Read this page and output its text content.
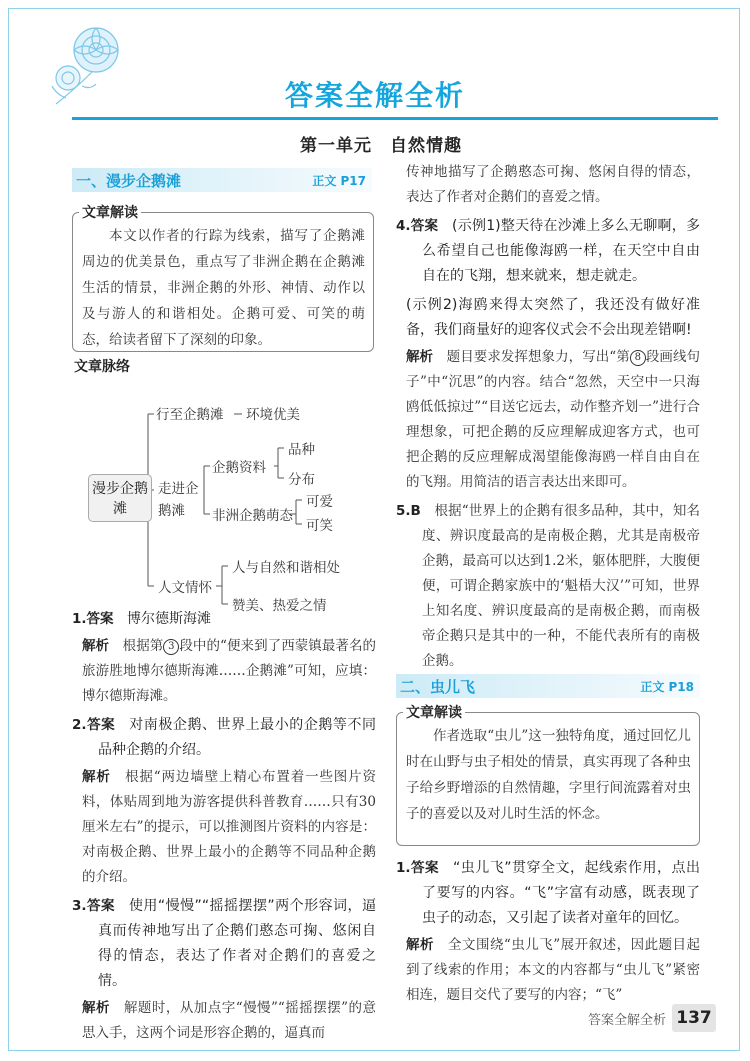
答案全解全析
第一单元　自然情趣
一、漫步企鹅滩	正文 P17
文章解读
本文以作者的行踪为线索，描写了企鹅滩周边的优美景色，重点写了非洲企鹅在企鹅滩生活的情景，非洲企鹅的外形、神情、动作以及与游人的和谐相处。企鹅可爱、可笑的萌态，给读者留下了深刻的印象。
文章脉络
漫步企鹅滩
行至企鹅滩 环境优美
走进企鹅滩
企鹅资料
品种
分布
非洲企鹅萌态
可爱
可笑
人文情怀
人与自然和谐相处
赞美、热爱之情
1.答案　 博尔德斯海滩
解析　 根据第 3 段中的“便来到了西蒙镇最著名的旅游胜地博尔德斯海滩……企鹅滩”可知，应填：博尔德斯海滩。
2.答案　 对南极企鹅、世界上最小的企鹅等不同品种企鹅的介绍。
解析　 根据“两边墙壁上精心布置着一些图片资料，体贴周到地为游客提供科普教育……只有30厘米左右”的提示，可以推测图片资料的内容是：对南极企鹅、世界上最小的企鹅等不同品种企鹅的介绍。
3.答案　 使用“慢慢”“摇摇摆摆”两个形容词，逼真而传神地写出了企鹅们憨态可掬、悠闲自得的情态，表达了作者对企鹅们的喜爱之情。
解析　 解题时，从加点字“慢慢”“摇摇摆摆”的意思入手，这两个词是形容企鹅的，逼真而
传神地描写了企鹅憨态可掬、悠闲自得的情态，表达了作者对企鹅们的喜爱之情。
4.答案　 (示例1)整天待在沙滩上多么无聊啊，多么希望自己也能像海鸥一样，在天空中自由自在的飞翔，想来就来，想走就走。
(示例2)海鸥来得太突然了，我还没有做好准备，我们商量好的迎客仪式会不会出现差错啊!
解析　 题目要求发挥想象力，写出“第 8 段画线句子”中“沉思”的内容。结合“忽然，天空中一只海鸥低低掠过”“目送它远去，动作整齐划一”进行合理想象，可把企鹅的反应理解成迎客方式，也可把企鹅的反应理解成渴望能像海鸥一样自由自在的飞翔。用简洁的语言表达出来即可。
5.B　 根据“世界上的企鹅有很多品种，其中，知名度、辨识度最高的是南极企鹅，尤其是南极帝企鹅，最高可以达到1.2米，躯体肥胖，大腹便便，可谓企鹅家族中的‘魁梧大汉’”可知，世界上知名度、辨识度最高的是南极企鹅，而南极帝企鹅只是其中的一种，不能代表所有的南极企鹅。
二、虫儿飞	正文 P18
文章解读
作者选取“虫儿”这一独特角度，通过回忆儿时在山野与虫子相处的情景，真实再现了各种虫子给乡野增添的自然情趣，字里行间流露着对虫子的喜爱以及对儿时生活的怀念。
1.答案　 “虫儿飞”贯穿全文，起线索作用，点出了要写的内容。“飞”字富有动感，既表现了虫子的动态，又引起了读者对童年的回忆。
解析　 全文围绕“虫儿飞”展开叙述，因此题目起到了线索的作用；本文的内容都与“虫儿飞”紧密相连，题目交代了要写的内容；“飞”
答案全解全析 137
